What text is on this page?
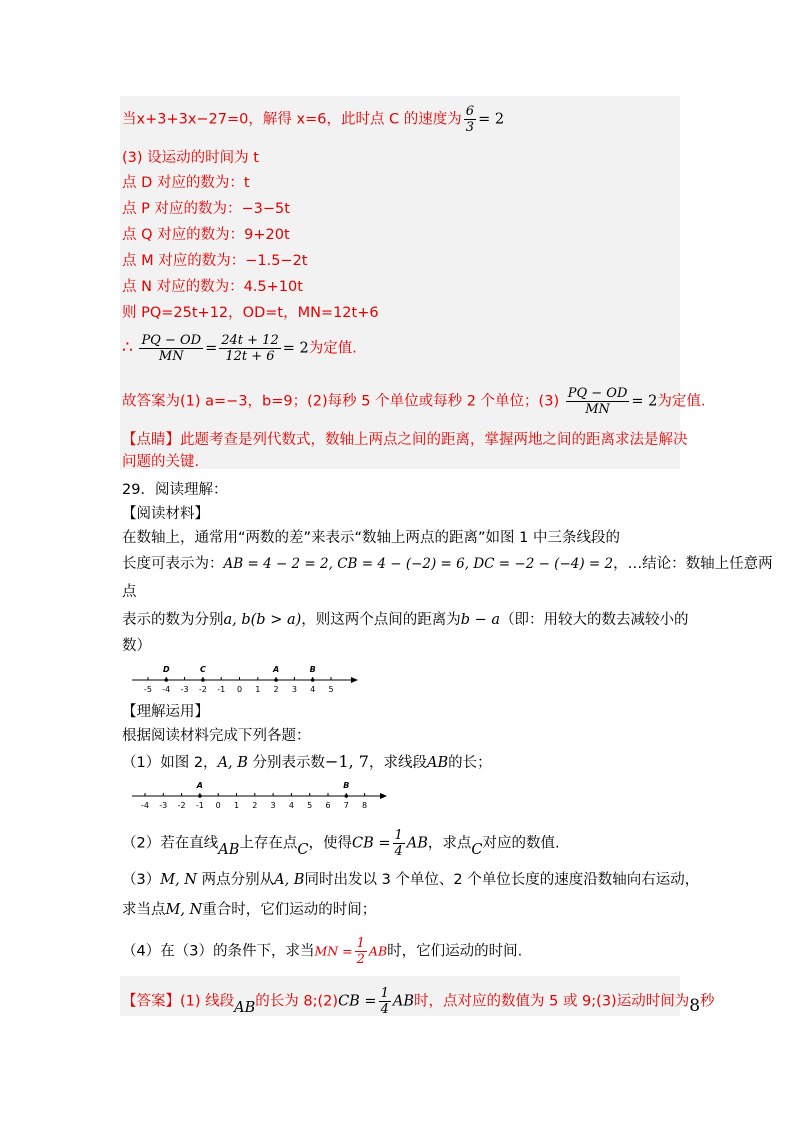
当x+3+3x−27=0，解得 x=6，此时点 C 的速度为 $\frac{6}{3} = 2$
(3) 设运动的时间为 t
点 D 对应的数为：t
点 P 对应的数为：−3−5t
点 Q 对应的数为：9+20t
点 M 对应的数为：−1.5−2t
点 N 对应的数为：4.5+10t
则 PQ=25t+12，OD=t，MN=12t+6
∴ $\frac{PQ - OD}{MN} = \frac{24t + 12}{12t + 6} = 2$为定值.
故答案为(1) a=−3，b=9；(2)每秒 5 个单位或每秒 2 个单位；$(3) \frac{PQ - OD}{MN} = 2$为定值.
【点睛】此题考查是列代数式，数轴上两点之间的距离，掌握两地之间的距离求法是解决
问题的关键.
29．阅读理解：
【阅读材料】
在数轴上，通常用“两数的差”来表示“数轴上两点的距离”如图 1 中三条线段的
长度可表示为：AB = 4 − 2 = 2, CB = 4 − (−2) = 6, DC = −2 − (−4) = 2，…结论：数轴上任意两
点
表示的数为分别a, b(b > a)，则这两个点间的距离为b − a（即：用较大的数去减较小的
数）
-5 -4 -3 -2 -1 0 1 2 3 4 5
D	C	A	B
【理解运用】
根据阅读材料完成下列各题：
（1）如图 2，A, B 分别表示数−1, 7，求线段AB的长；
-4 -3 -2 -1 0 1 2 3 4 5 6 7 8
A	B
（2）若在直线AB上存在点C，使得CB = $\frac{1}{4}$ AB，求点C对应的数值.
（3）M, N 两点分别从A, B同时出发以 3 个单位、2 个单位长度的速度沿数轴向右运动，
求当点M, N重合时，它们运动的时间；
（4）在（3）的条件下，求当MN = $\frac{1}{2}$ AB时，它们运动的时间.
【答案】(1) 线段AB的长为 8;(2)CB = $\frac{1}{4}$ AB时，点对应的数值为 5 或 9;(3)运动时间为8秒
